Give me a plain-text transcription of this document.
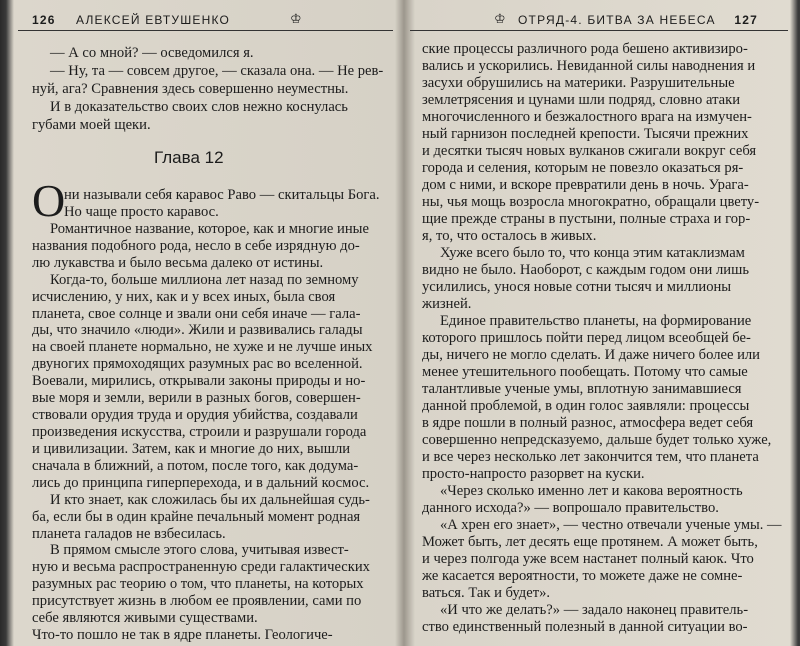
126 АЛЕКСЕЙ ЕВТУШЕНКО	♔
— А со мной? — осведомился я.
— Ну, та — совсем другое, — сказала она. — Не рев-
нуй, ага? Сравнения здесь совершенно неуместны.
И в доказательство своих слов нежно коснулась
губами моей щеки.
Глава 12
О
ни называли себя каравос Раво — скитальцы Бога.
Но чаще просто каравос.
Романтичное название, которое, как и многие иные
названия подобного рода, несло в себе изрядную до-
лю лукавства и было весьма далеко от истины.
Когда-то, больше миллиона лет назад по земному
исчислению, у них, как и у всех иных, была своя
планета, свое солнце и звали они себя иначе — гала-
ды, что значило «люди». Жили и развивались галады
на своей планете нормально, не хуже и не лучше иных
двуногих прямоходящих разумных рас во вселенной.
Воевали, мирились, открывали законы природы и но-
вые моря и земли, верили в разных богов, совершен-
ствовали орудия труда и орудия убийства, создавали
произведения искусства, строили и разрушали города
и цивилизации. Затем, как и многие до них, вышли
сначала в ближний, а потом, после того, как додума-
лись до принципа гиперперехода, и в дальний космос.
И кто знает, как сложилась бы их дальнейшая судь-
ба, если бы в один крайне печальный момент родная
планета галадов не взбесилась.
В прямом смысле этого слова, учитывая извест-
ную и весьма распространенную среди галактических
разумных рас теорию о том, что планеты, на которых
присутствует жизнь в любом ее проявлении, сами по
себе являются живыми существами.
Что-то пошло не так в ядре планеты. Геологиче-
♔ ОТРЯД-4. БИТВА ЗА НЕБЕСА 127
ские процессы различного рода бешено активизиро-
вались и ускорились. Невиданной силы наводнения и
засухи обрушились на материки. Разрушительные
землетрясения и цунами шли подряд, словно атаки
многочисленного и безжалостного врага на измучен-
ный гарнизон последней крепости. Тысячи прежних
и десятки тысяч новых вулканов сжигали вокруг себя
города и селения, которым не повезло оказаться ря-
дом с ними, и вскоре превратили день в ночь. Урага-
ны, чья мощь возросла многократно, обращали цвету-
щие прежде страны в пустыни, полные страха и гор-
я, то, что осталось в живых.
Хуже всего было то, что конца этим катаклизмам
видно не было. Наоборот, с каждым годом они лишь
усилились, унося новые сотни тысяч и миллионы
жизней.
Единое правительство планеты, на формирование
которого пришлось пойти перед лицом всеобщей бе-
ды, ничего не могло сделать. И даже ничего более или
менее утешительного пообещать. Потому что самые
талантливые ученые умы, вплотную занимавшиеся
данной проблемой, в один голос заявляли: процессы
в ядре пошли в полный разнос, атмосфера ведет себя
совершенно непредсказуемо, дальше будет только хуже,
и все через несколько лет закончится тем, что планета
просто-напросто разорвет на куски.
«Через сколько именно лет и какова вероятность
данного исхода?» — вопрошало правительство.
«А хрен его знает», — честно отвечали ученые умы. —
Может быть, лет десять еще протянем. А может быть,
и через полгода уже всем настанет полный каюк. Что
же касается вероятности, то можете даже не сомне-
ваться. Так и будет».
«И что же делать?» — задало наконец правитель-
ство единственный полезный в данной ситуации во-
